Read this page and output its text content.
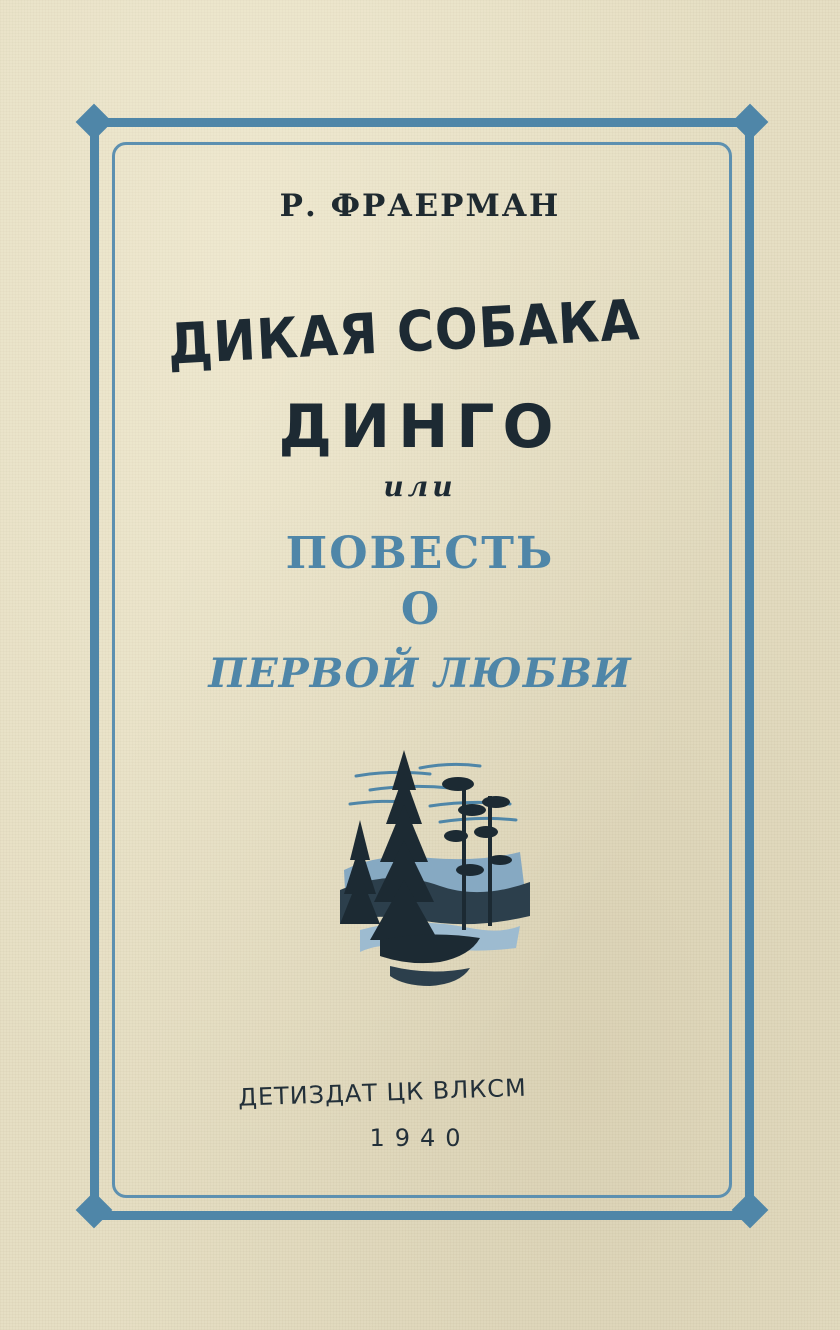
Р. ФРАЕРМАН

ДИКАЯ СОБАКА

ДИНГО

или

ПОВЕСТЬ

О

ПЕРВОЙ ЛЮБВИ

ДЕТИЗДАТ ЦК ВЛКСМ

1940
